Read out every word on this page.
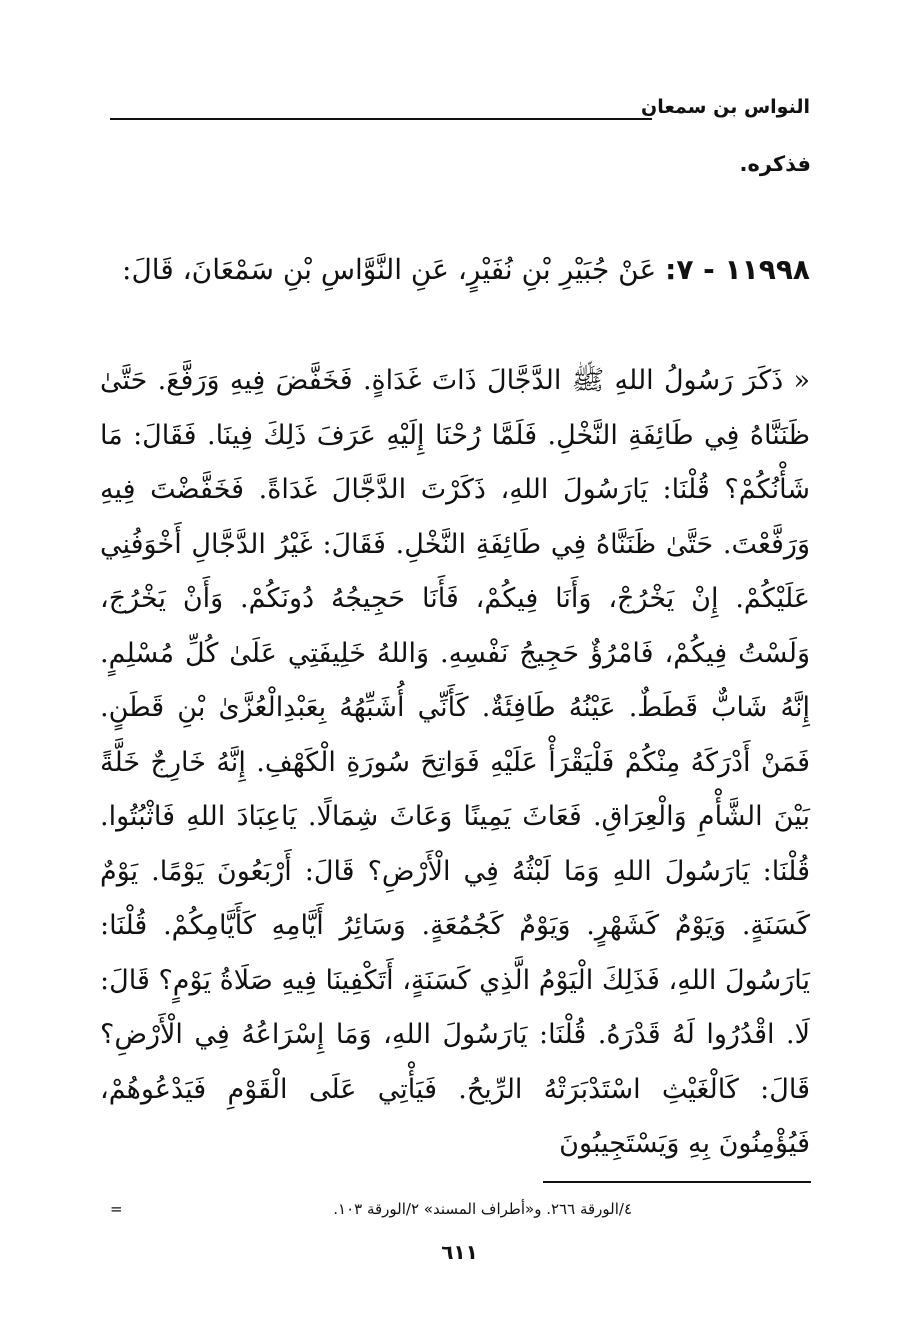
النواس بن سمعان
فذكره.
١١٩٩٨ - ٧: عَنْ جُبَيْرِ بْنِ نُفَيْرٍ، عَنِ النَّوَّاسِ بْنِ سَمْعَانَ، قَالَ:
« ذَكَرَ رَسُولُ اللهِ ﷺ الدَّجَّالَ ذَاتَ غَدَاةٍ. فَخَفَّضَ فِيهِ وَرَفَّعَ. حَتَّىٰ ظَنَنَّاهُ فِي طَائِفَةِ النَّخْلِ. فَلَمَّا رُحْنَا إِلَيْهِ عَرَفَ ذَلِكَ فِينَا. فَقَالَ: مَا شَأْنُكُمْ؟ قُلْنَا: يَارَسُولَ اللهِ، ذَكَرْتَ الدَّجَّالَ غَدَاةً. فَخَفَّضْتَ فِيهِ وَرَفَّعْتَ. حَتَّىٰ ظَنَنَّاهُ فِي طَائِفَةِ النَّخْلِ. فَقَالَ: غَيْرُ الدَّجَّالِ أَخْوَفُنِي عَلَيْكُمْ. إِنْ يَخْرُجْ، وَأَنَا فِيكُمْ، فَأَنَا حَجِيجُهُ دُونَكُمْ. وَأَنْ يَخْرُجَ، وَلَسْتُ فِيكُمْ، فَامْرُؤٌ حَجِيجُ نَفْسِهِ. وَاللهُ خَلِيفَتِي عَلَىٰ كُلِّ مُسْلِمٍ. إِنَّهُ شَابٌّ قَطَطٌ. عَيْنُهُ طَافِئَةٌ. كَأَنِّي أُشَبِّهُهُ بِعَبْدِالْعُزَّىٰ بْنِ قَطَنٍ. فَمَنْ أَدْرَكَهُ مِنْكُمْ فَلْيَقْرَأْ عَلَيْهِ فَوَاتِحَ سُورَةِ الْكَهْفِ. إِنَّهُ خَارِجٌ خَلَّةً بَيْنَ الشَّأْمِ وَالْعِرَاقِ. فَعَاثَ يَمِينًا وَعَاثَ شِمَالًا. يَاعِبَادَ اللهِ فَاثْبُتُوا. قُلْنَا: يَارَسُولَ اللهِ وَمَا لَبْثُهُ فِي الْأَرْضِ؟ قَالَ: أَرْبَعُونَ يَوْمًا. يَوْمٌ كَسَنَةٍ. وَيَوْمٌ كَشَهْرٍ. وَيَوْمٌ كَجُمُعَةٍ. وَسَائِرُ أَيَّامِهِ كَأَيَّامِكُمْ. قُلْنَا: يَارَسُولَ اللهِ، فَذَلِكَ الْيَوْمُ الَّذِي كَسَنَةٍ، أَتَكْفِينَا فِيهِ صَلَاةُ يَوْمٍ؟ قَالَ: لَا. اقْدُرُوا لَهُ قَدْرَهُ. قُلْنَا: يَارَسُولَ اللهِ، وَمَا إِسْرَاعُهُ فِي الْأَرْضِ؟ قَالَ: كَالْغَيْثِ اسْتَدْبَرَتْهُ الرِّيحُ. فَيَأْتِي عَلَى الْقَوْمِ فَيَدْعُوهُمْ، فَيُؤْمِنُونَ بِهِ وَيَسْتَجِيبُونَ
=	٤/الورقة ٢٦٦. و«أطراف المسند» ٢/الورقة ١٠٣.
٦١١
